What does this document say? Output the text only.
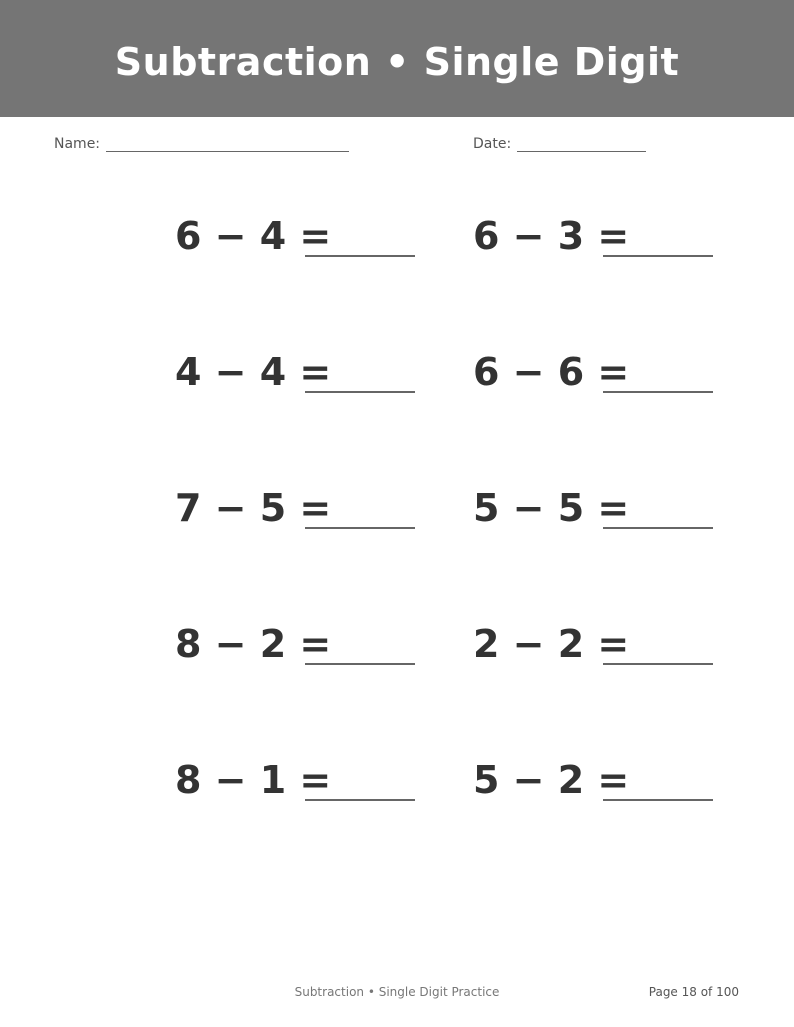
Subtraction • Single Digit
Name:	Date:
6 − 4 =	6 − 3 =
4 − 4 =	6 − 6 =
7 − 5 =	5 − 5 =
8 − 2 =	2 − 2 =
8 − 1 =	5 − 2 =
Subtraction • Single Digit Practice	Page 18 of 100
